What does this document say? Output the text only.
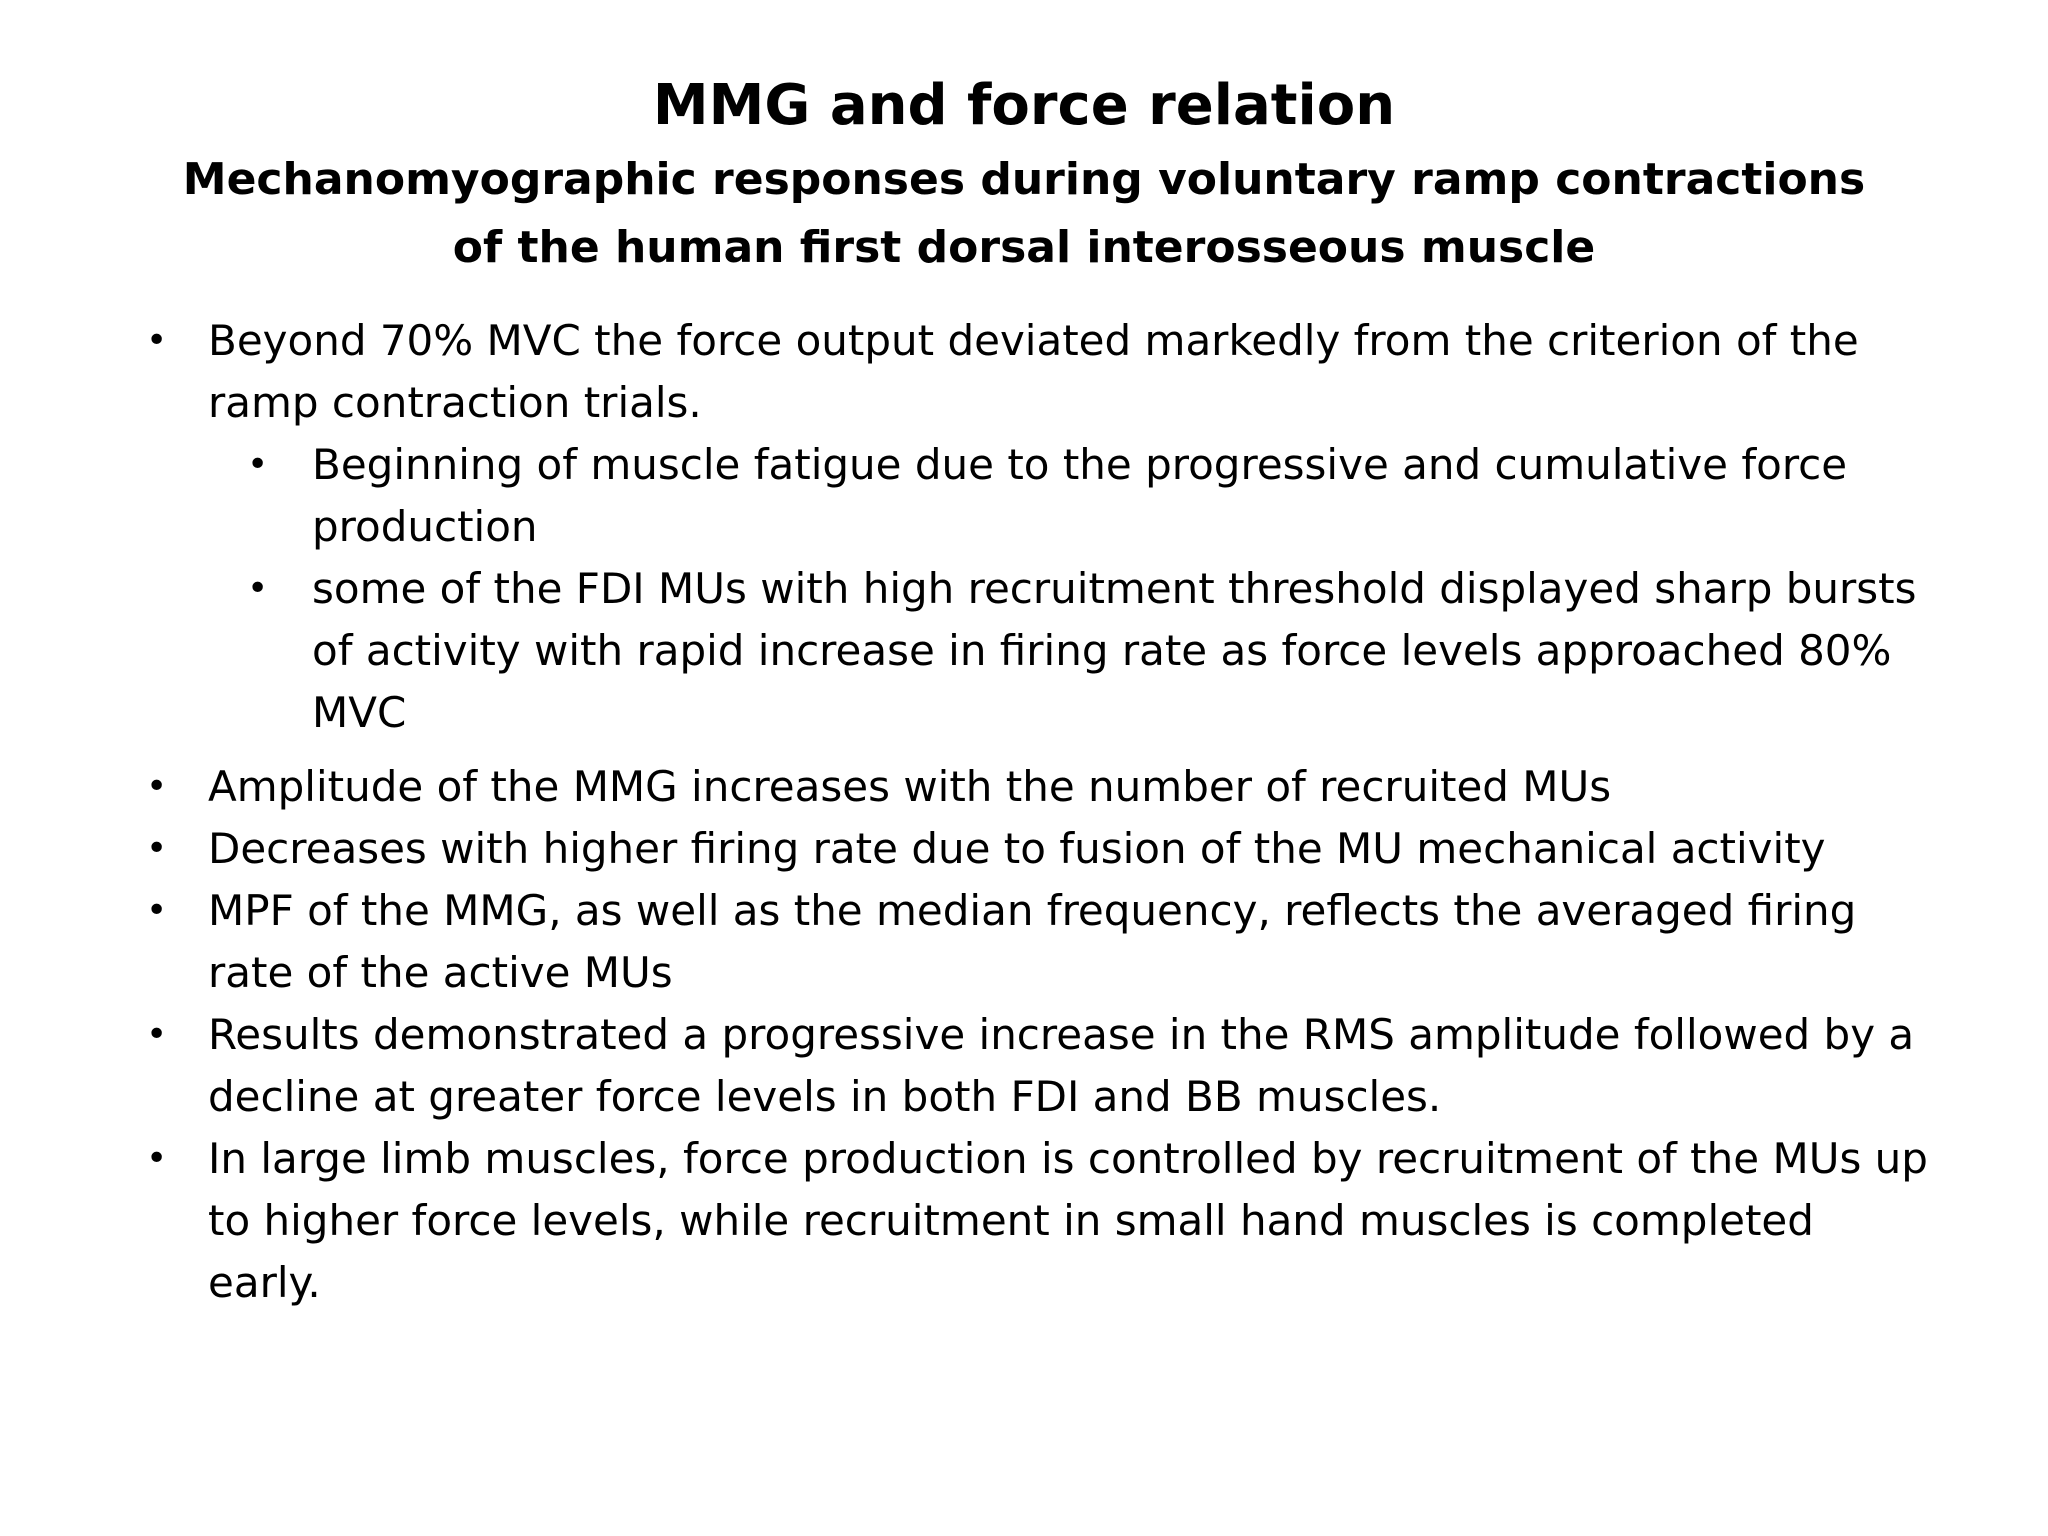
MMG and force relation
Mechanomyographic responses during voluntary ramp contractions
of the human first dorsal interosseous muscle
• Beyond 70% MVC the force output deviated markedly from the criterion of the ramp contraction trials.
• Beginning of muscle fatigue due to the progressive and cumulative force production
• some of the FDI MUs with high recruitment threshold displayed sharp bursts of activity with rapid increase in firing rate as force levels approached 80% MVC
• Amplitude of the MMG increases with the number of recruited MUs
• Decreases with higher firing rate due to fusion of the MU mechanical activity
• MPF of the MMG, as well as the median frequency, reflects the averaged firing rate of the active MUs
• Results demonstrated a progressive increase in the RMS amplitude followed by a decline at greater force levels in both FDI and BB muscles.
• In large limb muscles, force production is controlled by recruitment of the MUs up to higher force levels, while recruitment in small hand muscles is completed early.
